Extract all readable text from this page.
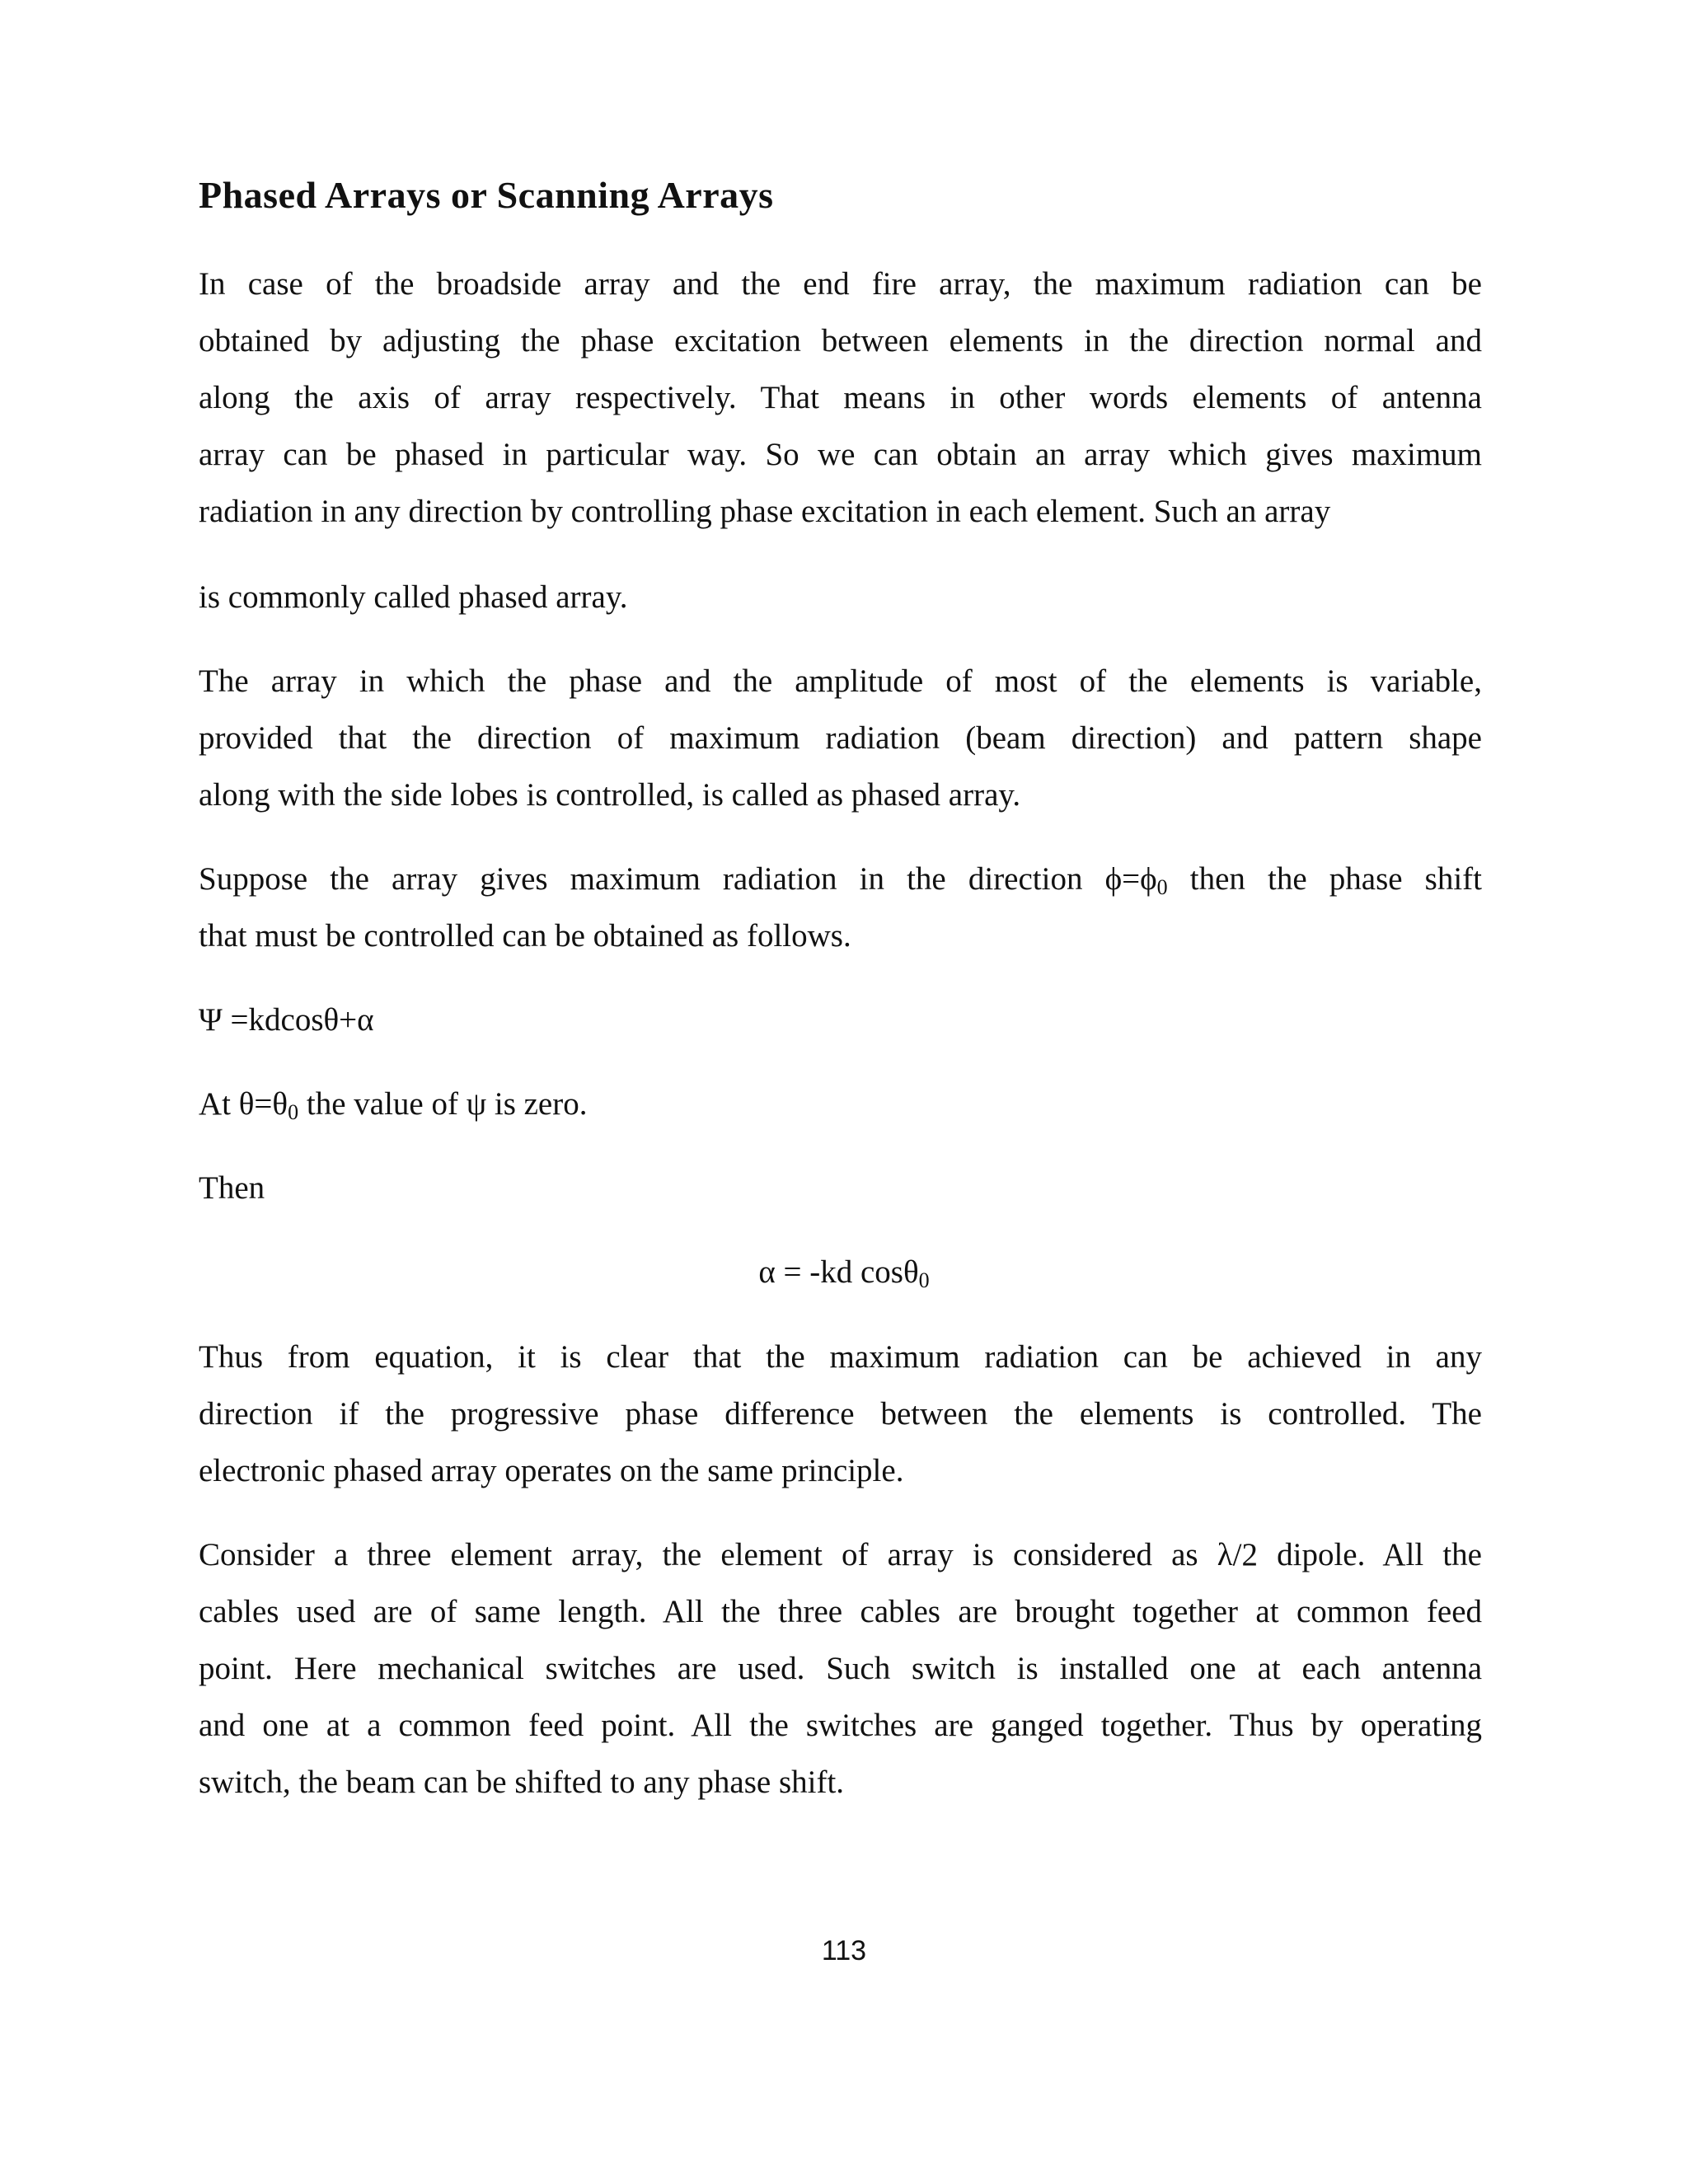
Phased Arrays or Scanning Arrays
In case of the broadside array and the end fire array, the maximum radiation can be
obtained by adjusting the phase excitation between elements in the direction normal and
along the axis of array respectively. That means in other words elements of antenna
array can be phased in particular way. So we can obtain an array which gives maximum
radiation in any direction by controlling phase excitation in each element. Such an array
is commonly called phased array.
The array in which the phase and the amplitude of most of the elements is variable,
provided that the direction of maximum radiation (beam direction) and pattern shape
along with the side lobes is controlled, is called as phased array.
Suppose the array gives maximum radiation in the direction $\phi=\phi_0$ then the phase shift
that must be controlled can be obtained as follows.
Ψ =kdcosθ+α
At $\theta=\theta_0$ the value of ψ is zero.
Then
α = -kd cosθ$_0$
Thus from equation, it is clear that the maximum radiation can be achieved in any
direction if the progressive phase difference between the elements is controlled. The
electronic phased array operates on the same principle.
Consider a three element array, the element of array is considered as λ/2 dipole. All the
cables used are of same length. All the three cables are brought together at common feed
point. Here mechanical switches are used. Such switch is installed one at each antenna
and one at a common feed point. All the switches are ganged together. Thus by operating
switch, the beam can be shifted to any phase shift.
113
